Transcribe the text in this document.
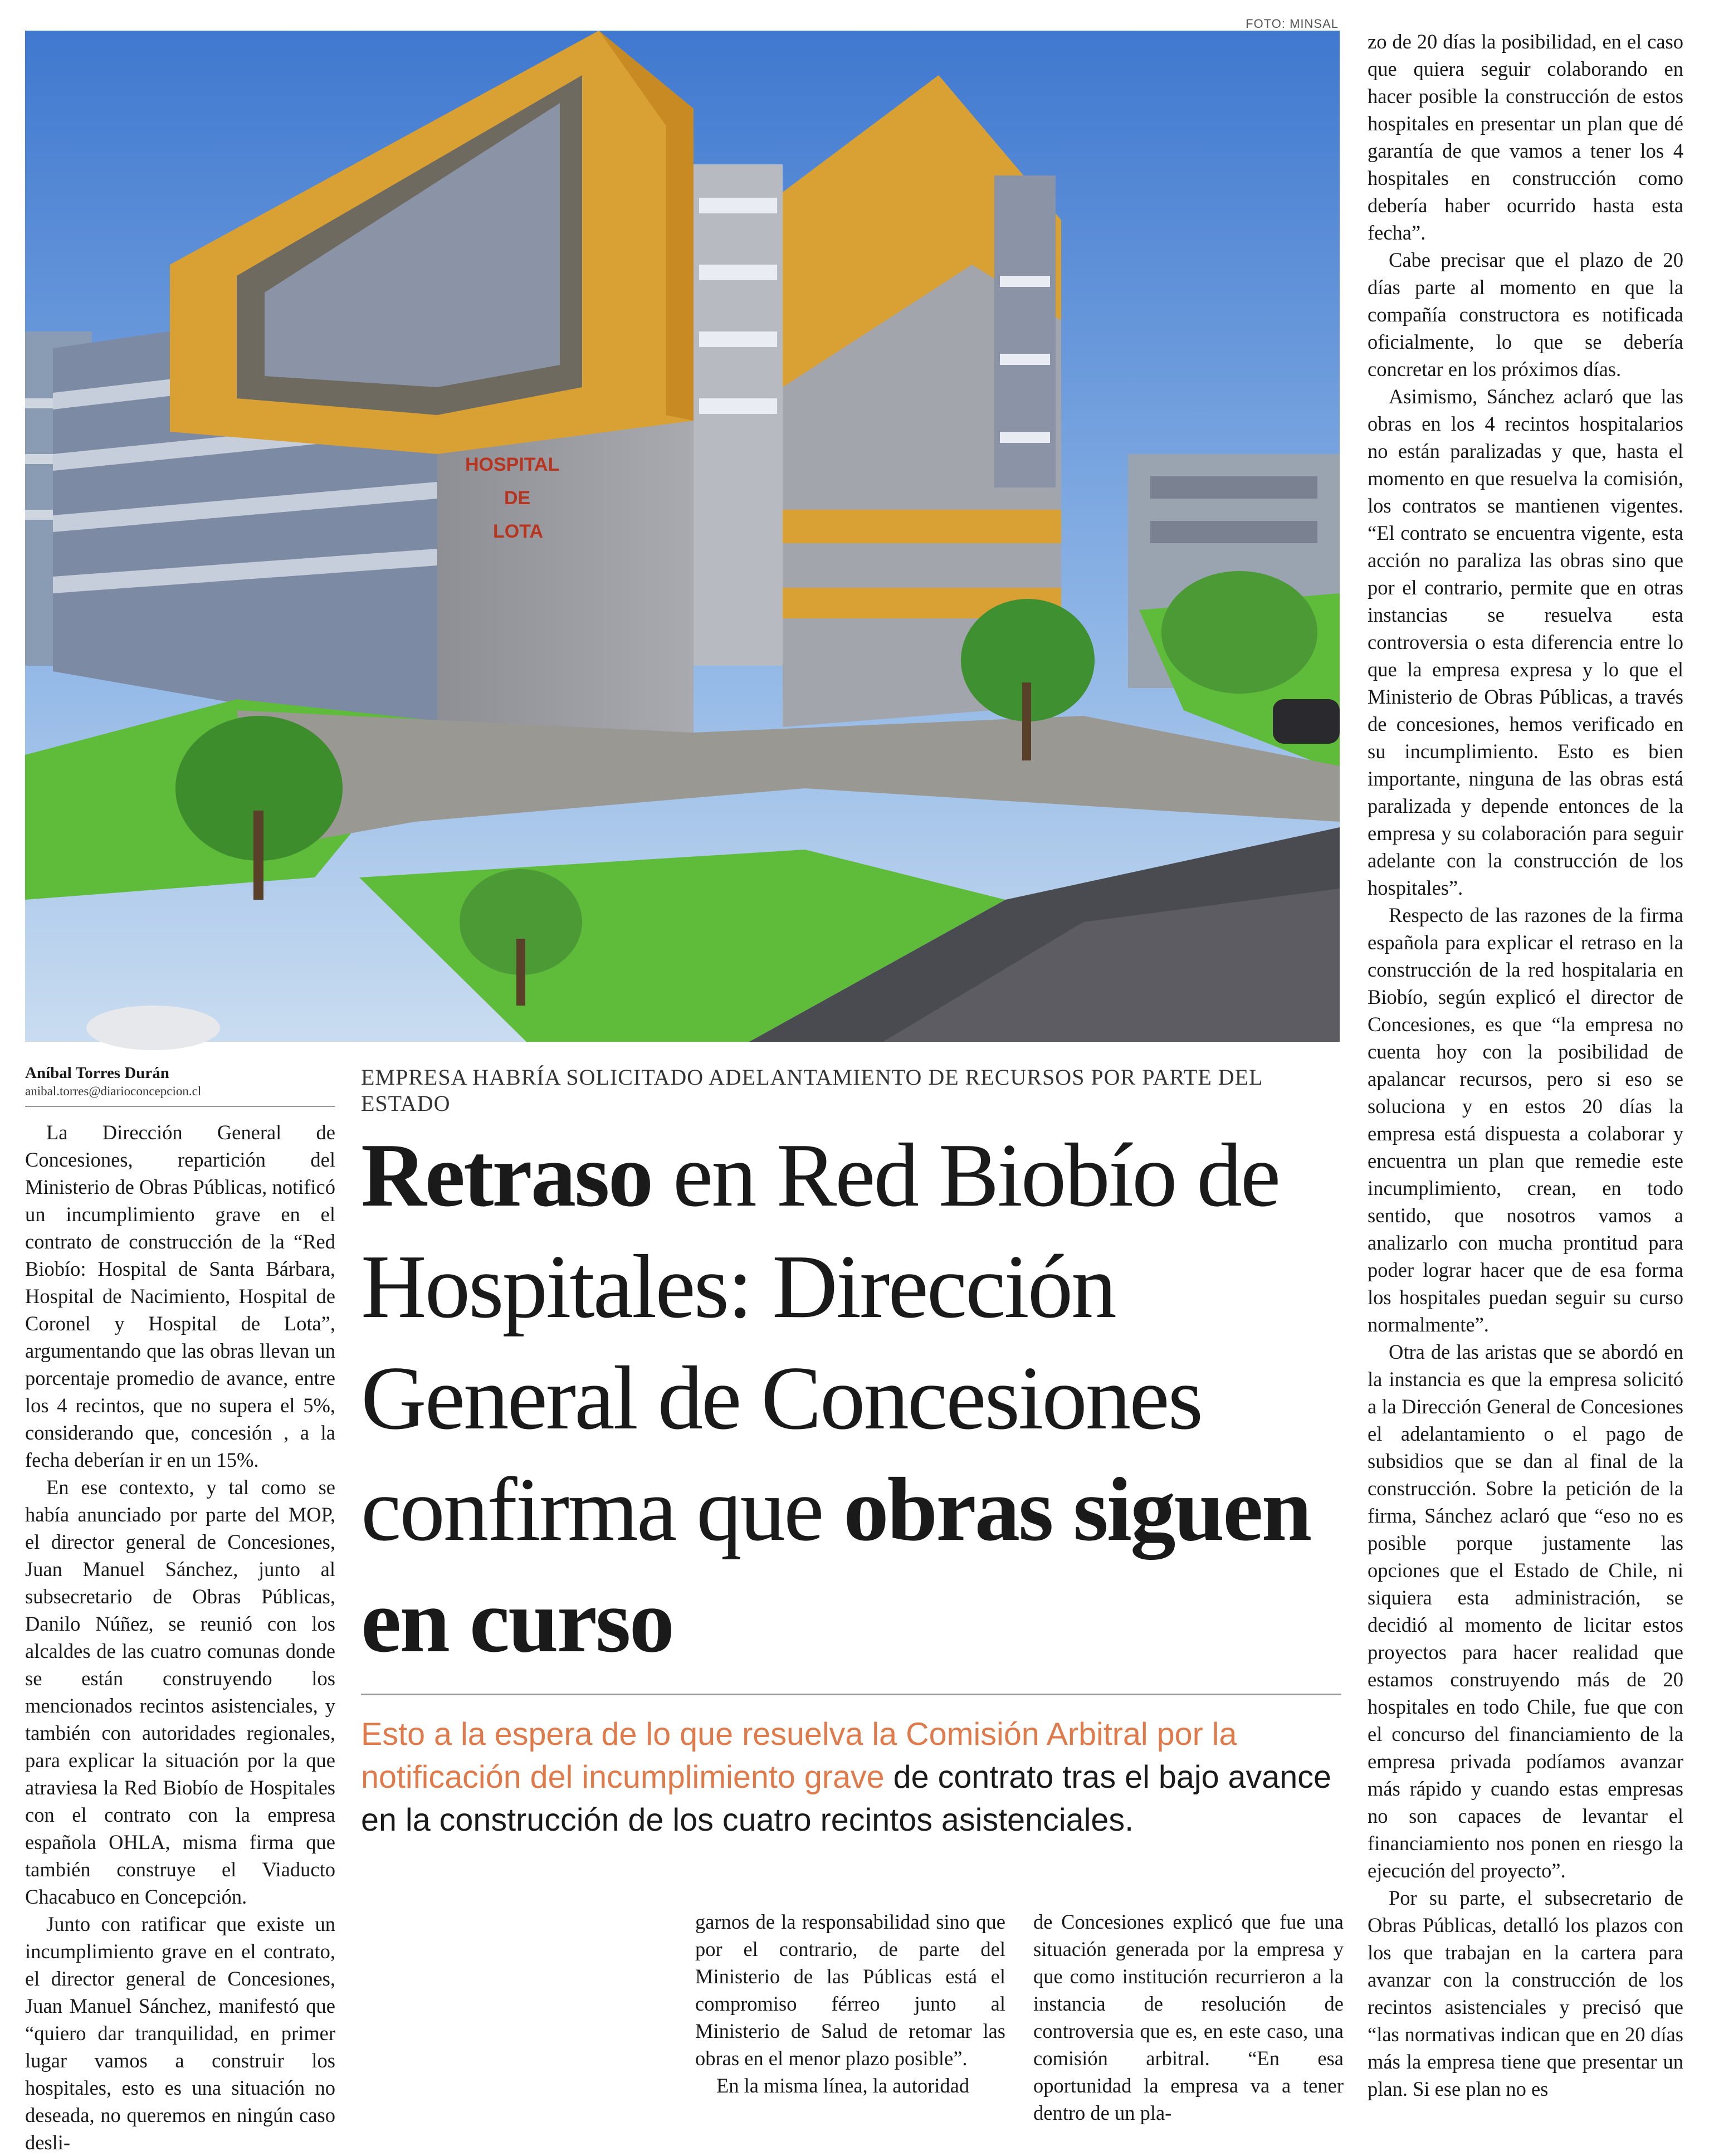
HOSPITAL
DE
LOTA
FOTO: MINSAL

zo de 20 días la posibilidad, en el caso que quiera seguir colaborando en hacer posible la construcción de estos hospitales en presentar un plan que dé garantía de que vamos a tener los 4 hospitales en construcción como debería haber ocurrido hasta esta fecha”.

Cabe precisar que el plazo de 20 días parte al momento en que la compañía constructora es notificada oficialmente, lo que se debería concretar en los próximos días.

Asimismo, Sánchez aclaró que las obras en los 4 recintos hospitalarios no están paralizadas y que, hasta el momento en que resuelva la comisión, los contratos se mantienen vigentes. “El contrato se encuentra vigente, esta acción no paraliza las obras sino que por el contrario, permite que en otras instancias se resuelva esta controversia o esta diferencia entre lo que la empresa expresa y lo que el Ministerio de Obras Públicas, a través de concesiones, hemos verificado en su incumplimiento. Esto es bien importante, ninguna de las obras está paralizada y depende entonces de la empresa y su colaboración para seguir adelante con la construcción de los hospitales”.

Respecto de las razones de la firma española para explicar el retraso en la construcción de la red hospitalaria en Biobío, según explicó el director de Concesiones, es que “la empresa no cuenta hoy con la posibilidad de apalancar recursos, pero si eso se soluciona y en estos 20 días la empresa está dispuesta a colaborar y encuentra un plan que remedie este incumplimiento, crean, en todo sentido, que nosotros vamos a analizarlo con mucha prontitud para poder lograr hacer que de esa forma los hospitales puedan seguir su curso normalmente”.

Otra de las aristas que se abordó en la instancia es que la empresa solicitó a la Dirección General de Concesiones el adelantamiento o el pago de subsidios que se dan al final de la construcción. Sobre la petición de la firma, Sánchez aclaró que “eso no es posible porque justamente las opciones que el Estado de Chile, ni siquiera esta administración, se decidió al momento de licitar estos proyectos para hacer realidad que estamos construyendo más de 20 hospitales en todo Chile, fue que con el concurso del financiamiento de la empresa privada podíamos avanzar más rápido y cuando estas empresas no son capaces de levantar el financiamiento nos ponen en riesgo la ejecución del proyecto”.

Por su parte, el subsecretario de Obras Públicas, detalló los plazos con los que trabajan en la cartera para avanzar con la construcción de los recintos asistenciales y precisó que “las normativas indican que en 20 días más la empresa tiene que presentar un plan. Si ese plan no es

Aníbal Torres Durán
anibal.torres@diarioconcepcion.cl
EMPRESA HABRÍA SOLICITADO ADELANTAMIENTO DE RECURSOS POR PARTE DEL ESTADO
Retraso en Red Biobío de Hospitales: Dirección General de Concesiones confirma que obras siguen en curso
Esto a la espera de lo que resuelva la Comisión Arbitral por la notificación del incumplimiento grave de contrato tras el bajo avance en la construcción de los cuatro recintos asistenciales.

La Dirección General de Concesiones, repartición del Ministerio de Obras Públicas, notificó un incumplimiento grave en el contrato de construcción de la “Red Biobío: Hospital de Santa Bárbara, Hospital de Nacimiento, Hospital de Coronel y Hospital de Lota”, argumentando que las obras llevan un porcentaje promedio de avance, entre los 4 recintos, que no supera el 5%, considerando que, concesión , a la fecha deberían ir en un 15%.

En ese contexto, y tal como se había anunciado por parte del MOP, el director general de Concesiones, Juan Manuel Sánchez, junto al subsecretario de Obras Públicas, Danilo Núñez, se reunió con los alcaldes de las cuatro comunas donde se están construyendo los mencionados recintos asistenciales, y también con autoridades regionales, para explicar la situación por la que atraviesa la Red Biobío de Hospitales con el contrato con la empresa española OHLA, misma firma que también construye el Viaducto Chacabuco en Concepción.

Junto con ratificar que existe un incumplimiento grave en el contrato, el director general de Concesiones, Juan Manuel Sánchez, manifestó que “quiero dar tranquilidad, en primer lugar vamos a construir los hospitales, esto es una situación no deseada, no queremos en ningún caso desli-

garnos de la responsabilidad sino que por el contrario, de parte del Ministerio de las Públicas está el compromiso férreo junto al Ministerio de Salud de retomar las obras en el menor plazo posible”.

En la misma línea, la autoridad

de Concesiones explicó que fue una situación generada por la empresa y que como institución recurrieron a la instancia de resolución de controversia que es, en este caso, una comisión arbitral. “En esa oportunidad la empresa va a tener dentro de un pla-
